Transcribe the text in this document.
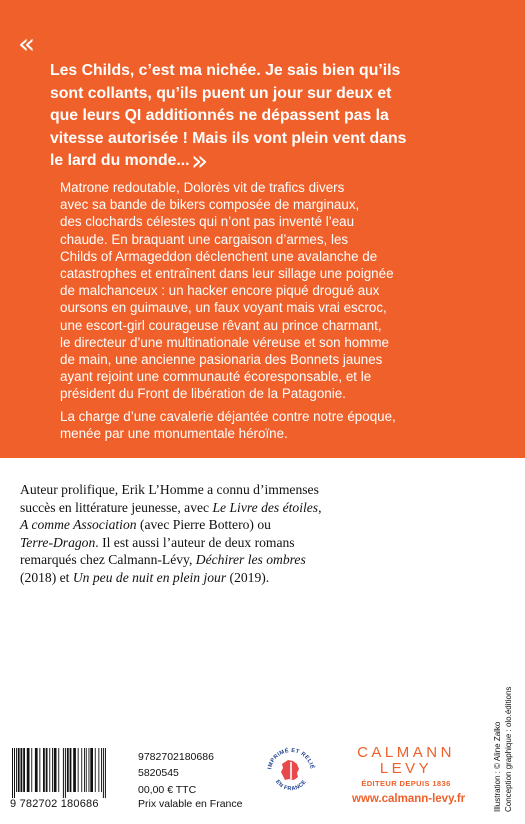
«
Les Childs, c’est ma nichée. Je sais bien qu’ils
sont collants, qu’ils puent un jour sur deux et
que leurs QI additionnés ne dépassent pas la
vitesse autorisée ! Mais ils vont plein vent dans
le lard du monde... »
Matrone redoutable, Dolorès vit de trafics divers
avec sa bande de bikers composée de marginaux,
des clochards célestes qui n’ont pas inventé l’eau
chaude. En braquant une cargaison d’armes, les
Childs of Armageddon déclenchent une avalanche de
catastrophes et entraînent dans leur sillage une poignée
de malchanceux : un hacker encore piqué drogué aux
oursons en guimauve, un faux voyant mais vrai escroc,
une escort-girl courageuse rêvant au prince charmant,
le directeur d’une multinationale véreuse et son homme
de main, une ancienne pasionaria des Bonnets jaunes
ayant rejoint une communauté écoresponsable, et le
président du Front de libération de la Patagonie.
La charge d’une cavalerie déjantée contre notre époque,
menée par une monumentale héroïne.
Auteur prolifique, Erik L’Homme a connu d’immenses
succès en littérature jeunesse, avec Le Livre des étoiles,
A comme Association (avec Pierre Bottero) ou
Terre-Dragon. Il est aussi l’auteur de deux romans
remarqués chez Calmann-Lévy, Déchirer les ombres
(2018) et Un peu de nuit en plein jour (2019).
9 782702 180686
9782702180686
5820545
00,00 € TTC
Prix valable en France
IMPRIMÉ ET RELIÉ
EN FRANCE
CALMANN
LEVY
ÉDITEUR DEPUIS 1836
www.calmann-levy.fr	Illustration : © Aline Zalko Conception graphique : olo.éditions
